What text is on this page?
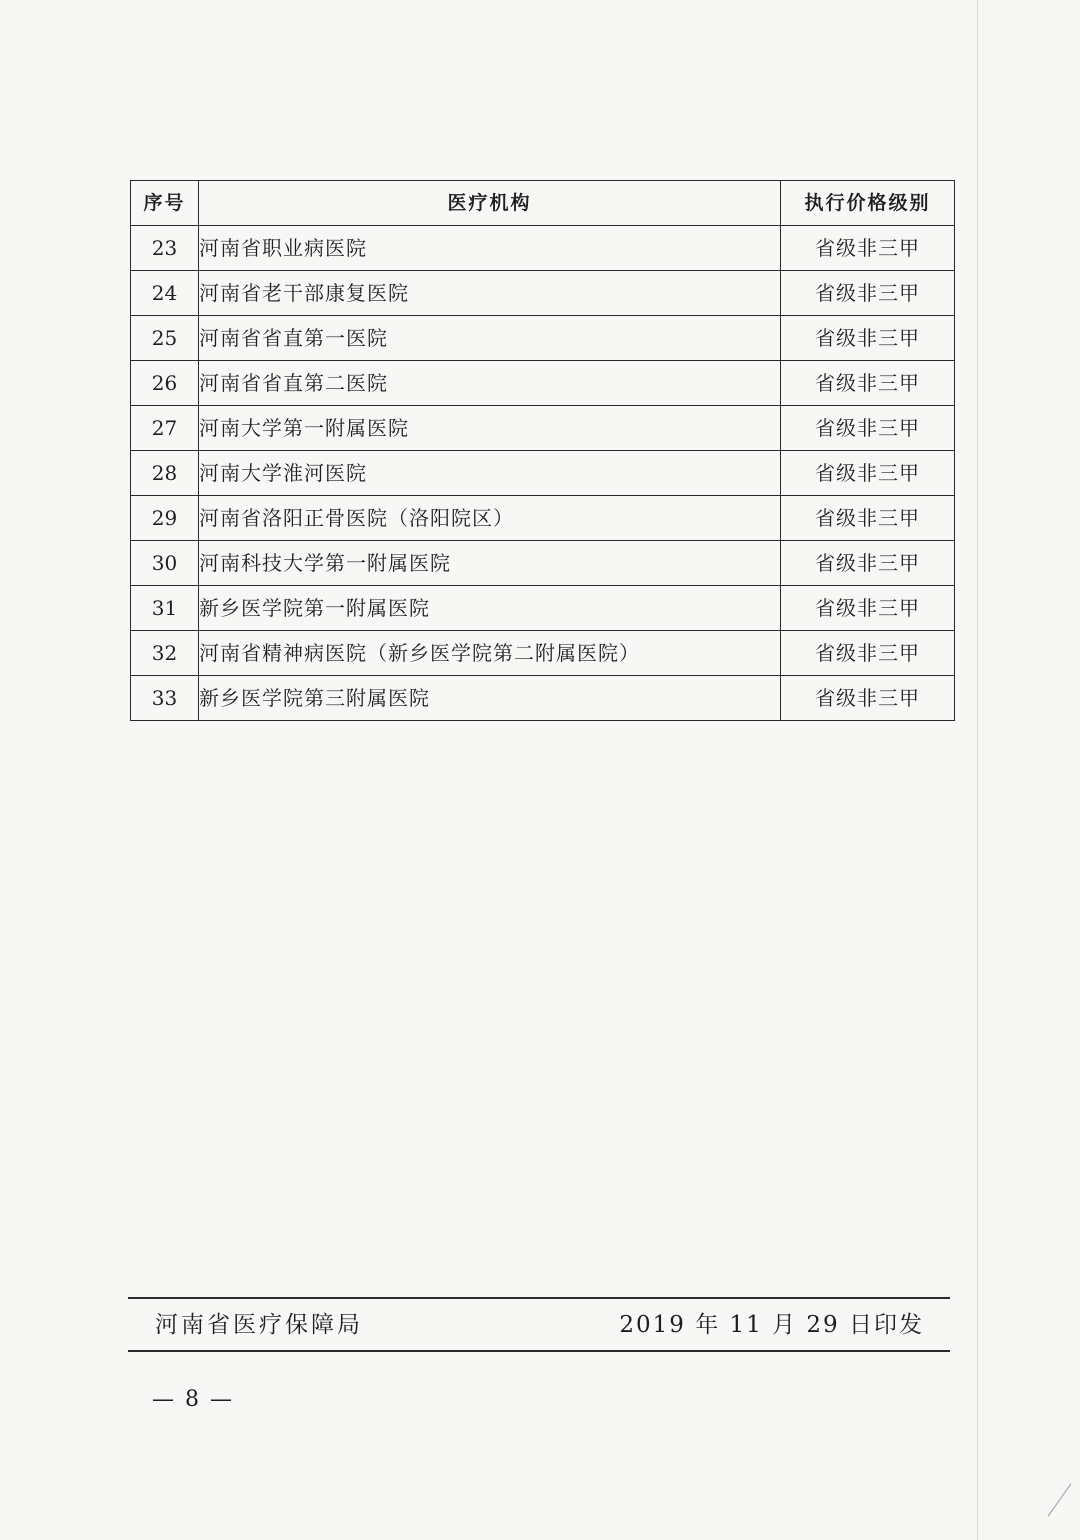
序号	医疗机构	执行价格级别
23	河南省职业病医院	省级非三甲
24	河南省老干部康复医院	省级非三甲
25	河南省省直第一医院	省级非三甲
26	河南省省直第二医院	省级非三甲
27	河南大学第一附属医院	省级非三甲
28	河南大学淮河医院	省级非三甲
29	河南省洛阳正骨医院（洛阳院区）	省级非三甲
30	河南科技大学第一附属医院	省级非三甲
31	新乡医学院第一附属医院	省级非三甲
32	河南省精神病医院（新乡医学院第二附属医院）	省级非三甲
33	新乡医学院第三附属医院	省级非三甲
河南省医疗保障局	2019 年 11 月 29 日印发
— 8 —
